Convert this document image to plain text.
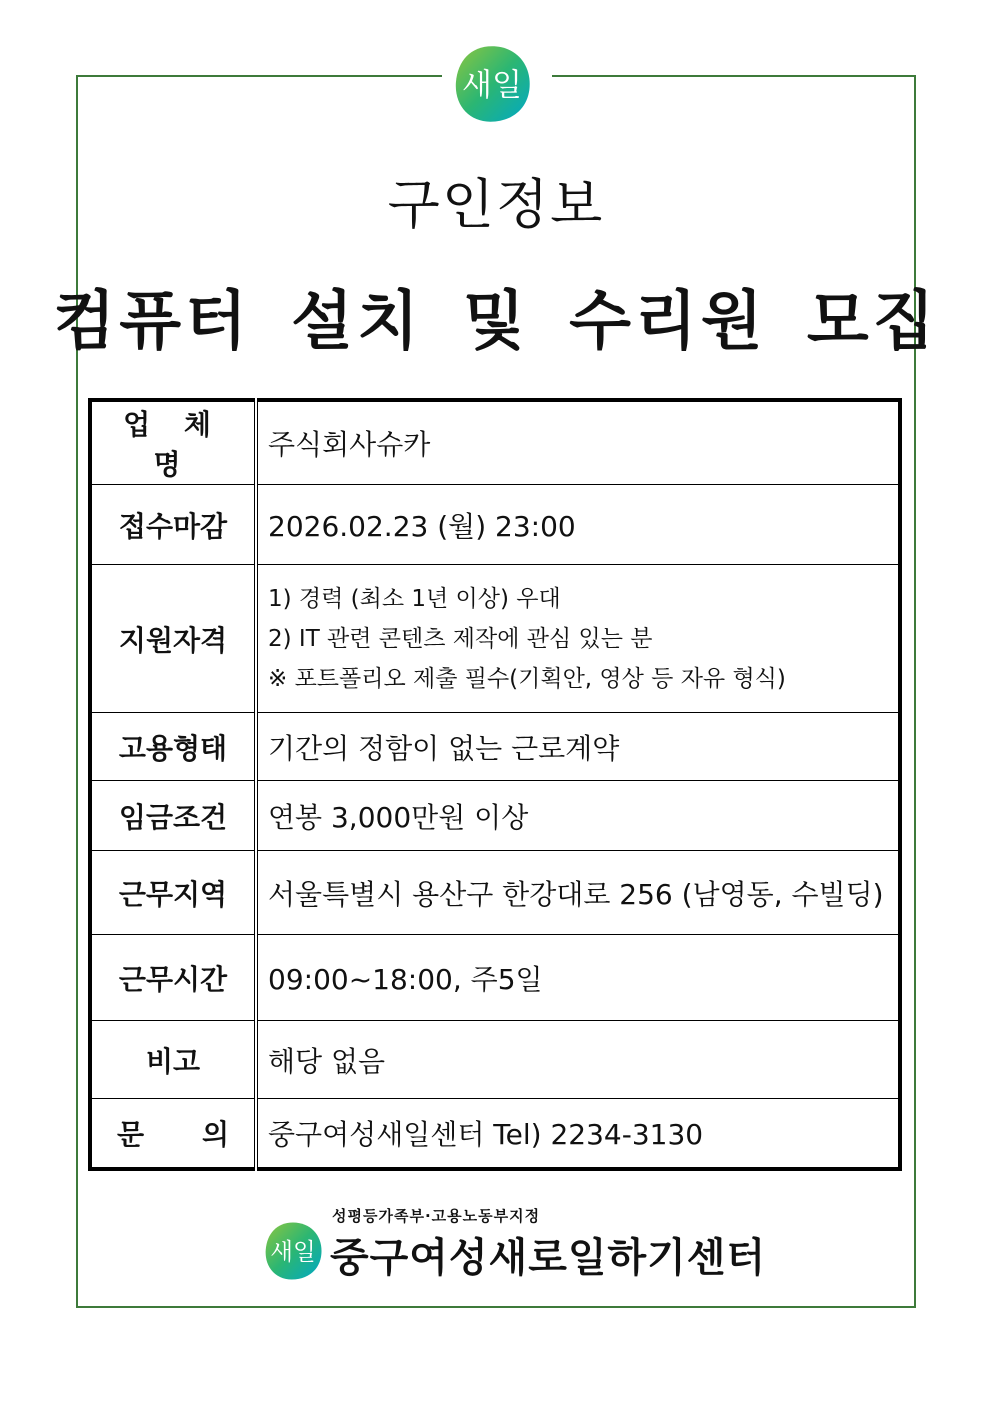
새일
구인정보
컴퓨터 설치 및 수리원 모집
업 체 명	주식회사슈카
접수마감	2026.02.23 (월) 23:00
지원자격	1) 경력 (최소 1년 이상) 우대
2) IT 관련 콘텐츠 제작에 관심 있는 분
※ 포트폴리오 제출 필수(기획안, 영상 등 자유 형식)

고용형태	기간의 정함이 없는 근로계약
임금조건	연봉 3,000만원 이상
근무지역	서울특별시 용산구 한강대로 256 (남영동, 수빌딩)
근무시간	09:00~18:00, 주5일
비고	해당 없음

문 의	중구여성새일센터 Tel) 2234-3130
새일
성평등가족부·고용노동부지정
중구여성새로일하기센터
